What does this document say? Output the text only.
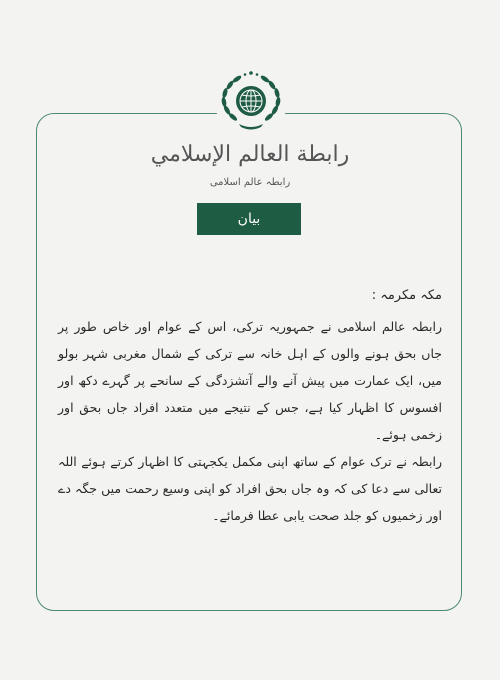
رابطة العالم الإسلامي
رابطہ عالم اسلامی
بیان

مکہ مکرمہ :

رابطہ عالم اسلامی نے جمہوریہ ترکی، اس کے عوام اور خاص طور پر جاں بحق ہونے والوں کے اہل خانہ سے ترکی کے شمال مغربی شہر بولو میں، ایک عمارت میں پیش آنے والے آتشزدگی کے سانحے پر گہرے دکھ اور افسوس کا اظہار کیا ہے، جس کے نتیجے میں متعدد افراد جاں بحق اور زخمی ہوئے۔

رابطہ نے ترک عوام کے ساتھ اپنی مکمل یکجہتی کا اظہار کرتے ہوئے اللہ تعالی سے دعا کی کہ وہ جاں بحق افراد کو اپنی وسیع رحمت میں جگہ دے اور زخمیوں کو جلد صحت یابی عطا فرمائے۔
